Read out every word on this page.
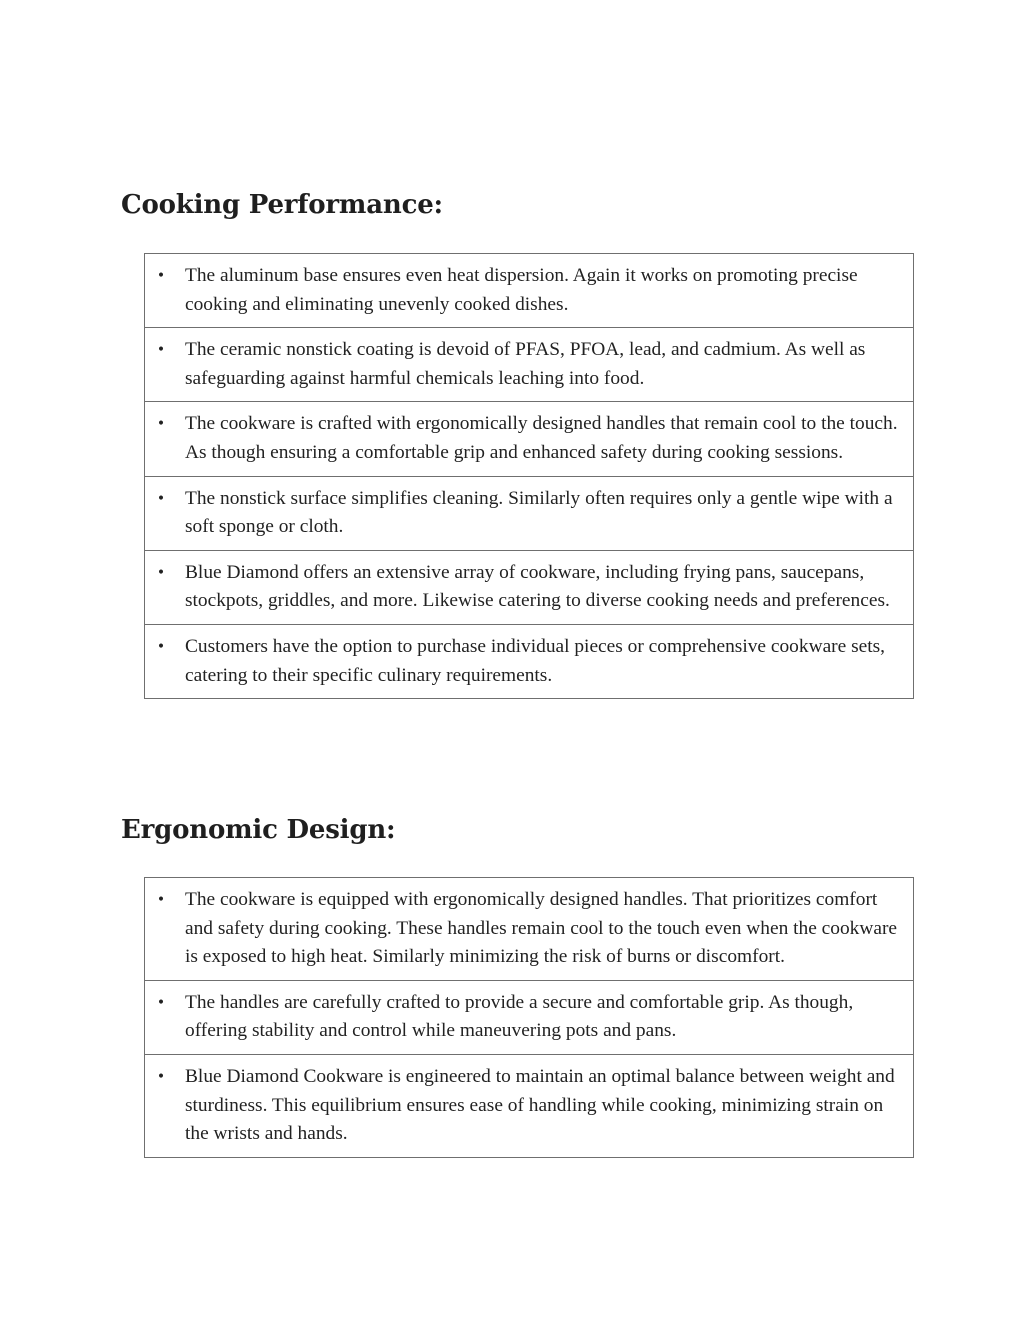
Cooking Performance:
• The aluminum base ensures even heat dispersion. Again it works on promoting precise cooking and eliminating unevenly cooked dishes.
• The ceramic nonstick coating is devoid of PFAS, PFOA, lead, and cadmium. As well as safeguarding against harmful chemicals leaching into food.
• The cookware is crafted with ergonomically designed handles that remain cool to the touch. As though ensuring a comfortable grip and enhanced safety during cooking sessions.
• The nonstick surface simplifies cleaning. Similarly often requires only a gentle wipe with a soft sponge or cloth.
• Blue Diamond offers an extensive array of cookware, including frying pans, saucepans, stockpots, griddles, and more. Likewise catering to diverse cooking needs and preferences.
• Customers have the option to purchase individual pieces or comprehensive cookware sets, catering to their specific culinary requirements.
Ergonomic Design:
• The cookware is equipped with ergonomically designed handles. That prioritizes comfort and safety during cooking. These handles remain cool to the touch even when the cookware is exposed to high heat. Similarly minimizing the risk of burns or discomfort.
• The handles are carefully crafted to provide a secure and comfortable grip. As though, offering stability and control while maneuvering pots and pans.
• Blue Diamond Cookware is engineered to maintain an optimal balance between weight and sturdiness. This equilibrium ensures ease of handling while cooking, minimizing strain on the wrists and hands.
